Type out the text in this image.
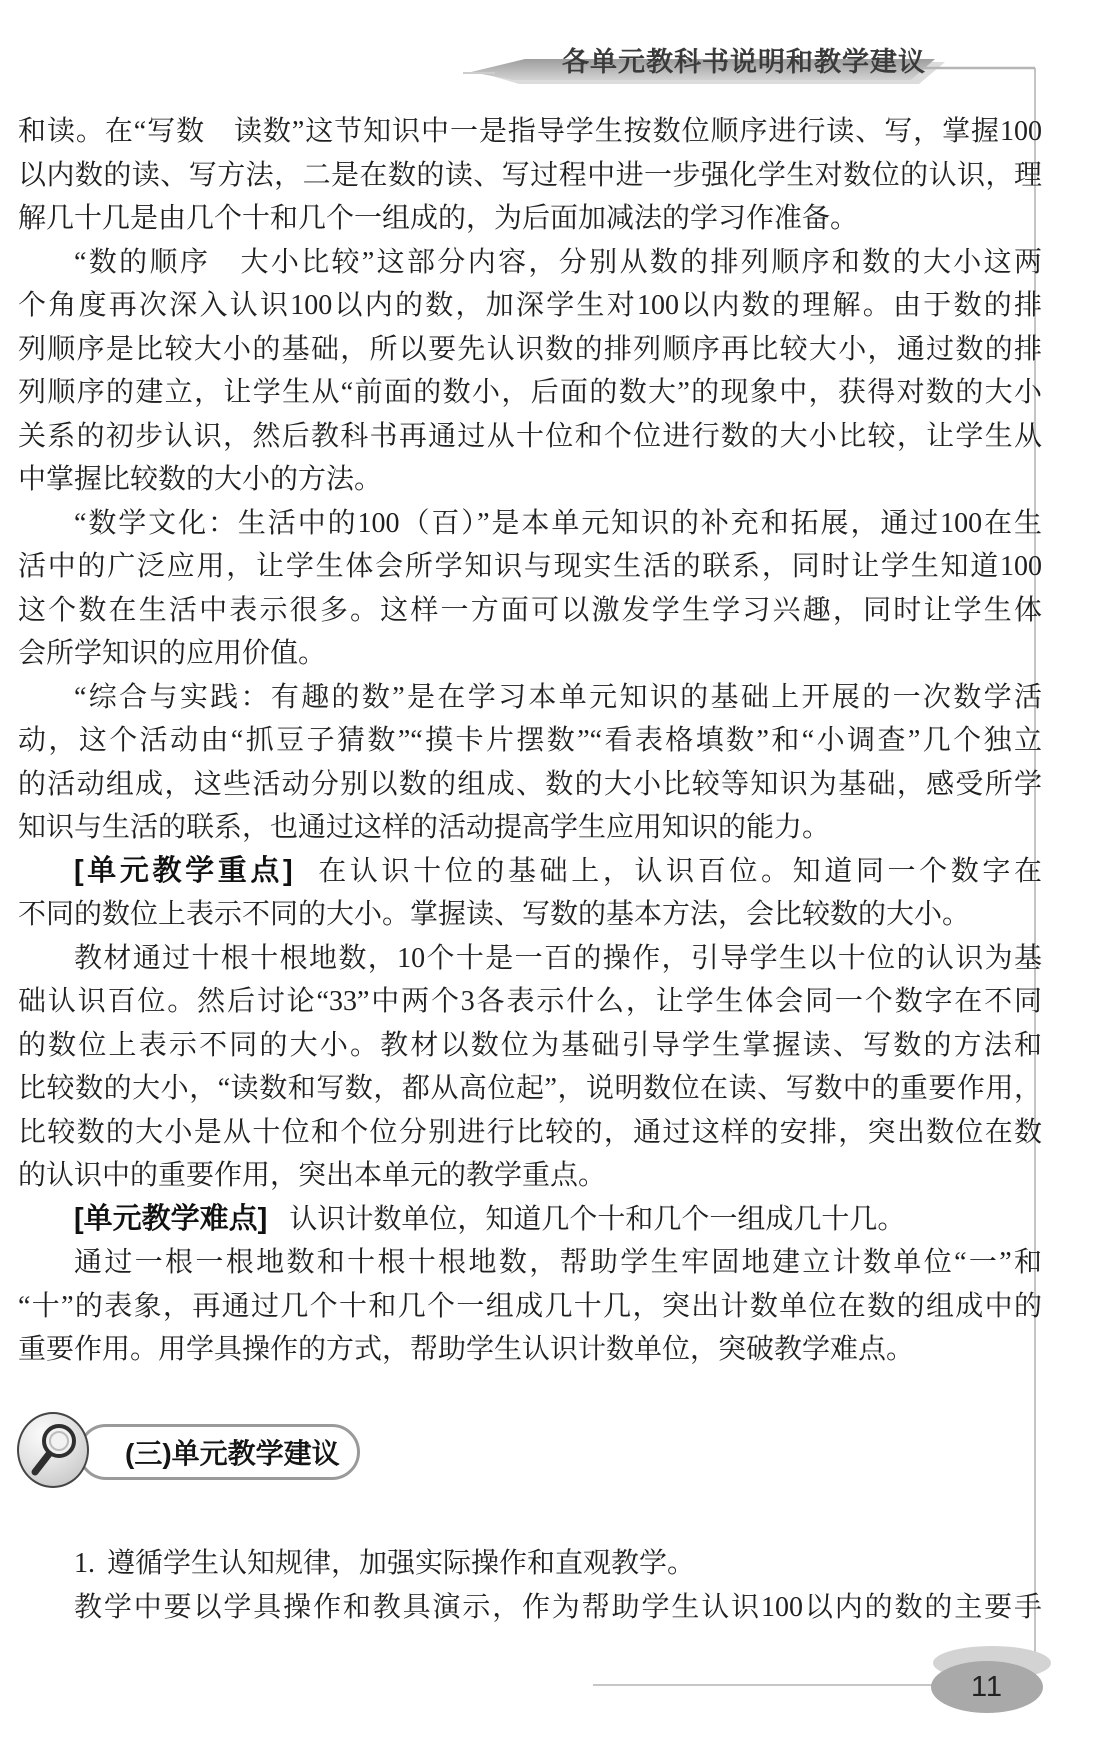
各单元教科书说明和教学建议
和读。在“写数　读数”这节知识中一是指导学生按数位顺序进行读、写，掌握100
以内数的读、写方法，二是在数的读、写过程中进一步强化学生对数位的认识，理
解几十几是由几个十和几个一组成的，为后面加减法的学习作准备。
“数的顺序　大小比较”这部分内容，分别从数的排列顺序和数的大小这两
个角度再次深入认识100以内的数，加深学生对100以内数的理解。由于数的排
列顺序是比较大小的基础，所以要先认识数的排列顺序再比较大小，通过数的排
列顺序的建立，让学生从“前面的数小，后面的数大”的现象中，获得对数的大小
关系的初步认识，然后教科书再通过从十位和个位进行数的大小比较，让学生从
中掌握比较数的大小的方法。
“数学文化：生活中的100（百）”是本单元知识的补充和拓展，通过100在生
活中的广泛应用，让学生体会所学知识与现实生活的联系，同时让学生知道100
这个数在生活中表示很多。这样一方面可以激发学生学习兴趣，同时让学生体
会所学知识的应用价值。
“综合与实践：有趣的数”是在学习本单元知识的基础上开展的一次数学活
动，这个活动由“抓豆子猜数”“摸卡片摆数”“看表格填数”和“小调查”几个独立
的活动组成，这些活动分别以数的组成、数的大小比较等知识为基础，感受所学
知识与生活的联系，也通过这样的活动提高学生应用知识的能力。
[单元教学重点] 在认识十位的基础上，认识百位。知道同一个数字在
不同的数位上表示不同的大小。掌握读、写数的基本方法，会比较数的大小。
教材通过十根十根地数，10个十是一百的操作，引导学生以十位的认识为基
础认识百位。然后讨论“33”中两个3各表示什么，让学生体会同一个数字在不同
的数位上表示不同的大小。教材以数位为基础引导学生掌握读、写数的方法和
比较数的大小，“读数和写数，都从高位起”，说明数位在读、写数中的重要作用，
比较数的大小是从十位和个位分别进行比较的，通过这样的安排，突出数位在数
的认识中的重要作用，突出本单元的教学重点。
[单元教学难点] 认识计数单位，知道几个十和几个一组成几十几。
通过一根一根地数和十根十根地数，帮助学生牢固地建立计数单位“一”和
“十”的表象，再通过几个十和几个一组成几十几，突出计数单位在数的组成中的
重要作用。用学具操作的方式，帮助学生认识计数单位，突破教学难点。
(三)单元教学建议
1. 遵循学生认知规律，加强实际操作和直观教学。
教学中要以学具操作和教具演示，作为帮助学生认识100以内的数的主要手
11
